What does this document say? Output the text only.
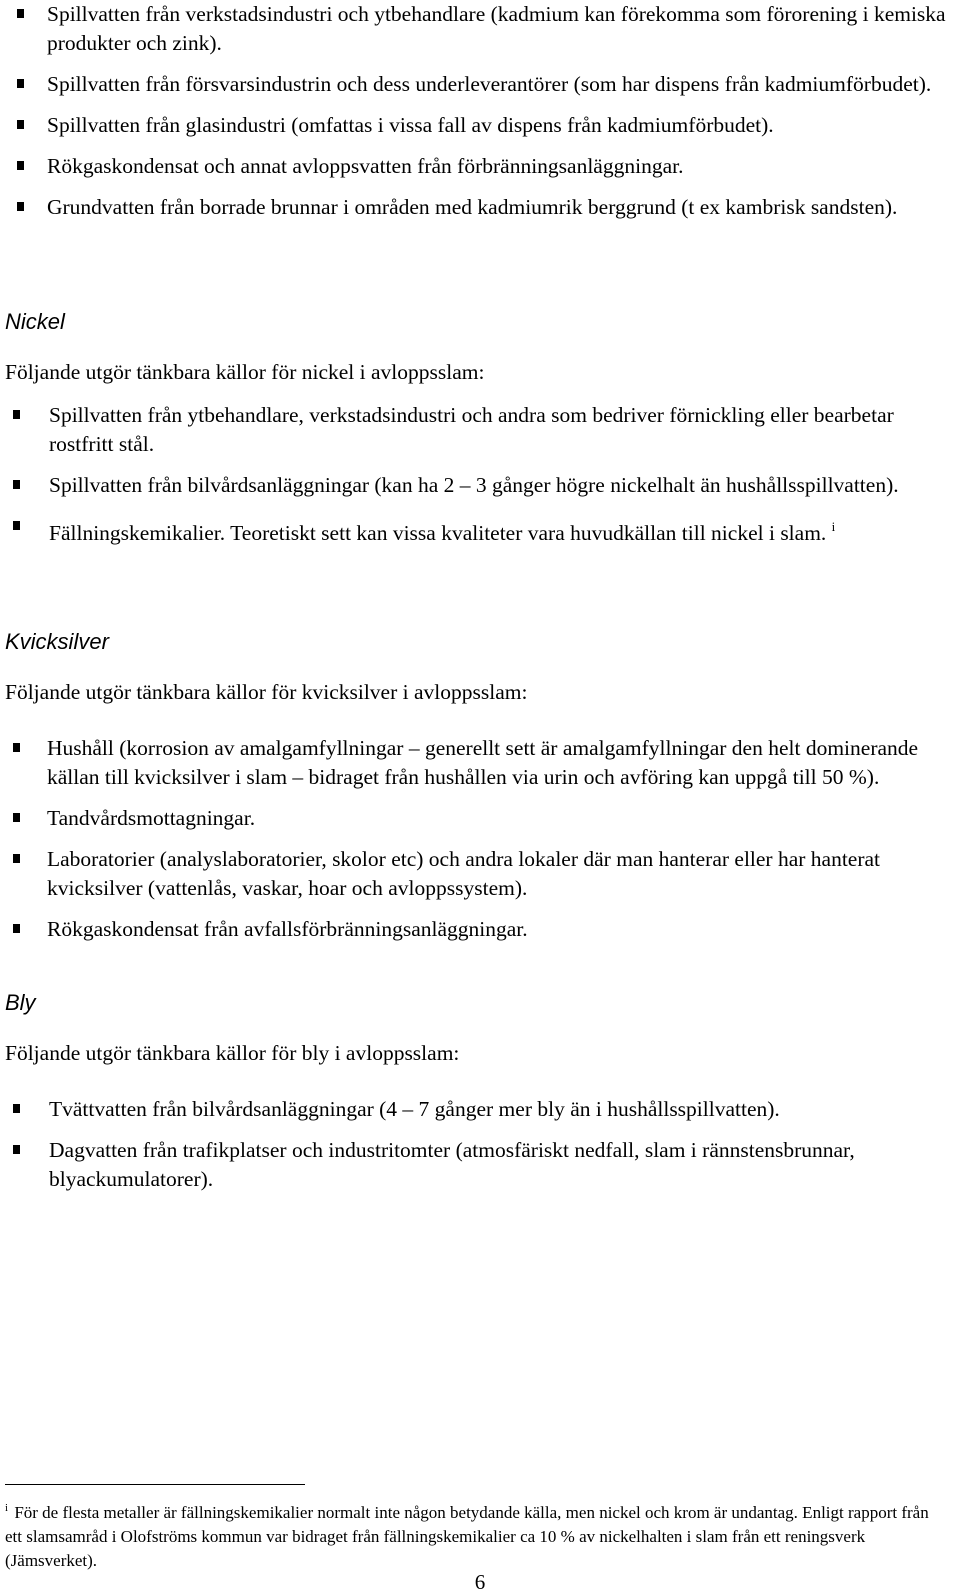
Spillvatten från verkstadsindustri och ytbehandlare (kadmium kan förekomma som förorening i kemiska produkter och zink).
Spillvatten från försvarsindustrin och dess underleverantörer (som har dispens från kadmiumförbudet).
Spillvatten från glasindustri (omfattas i vissa fall av dispens från kadmiumförbudet).
Rökgaskondensat och annat avloppsvatten från förbränningsanläggningar.
Grundvatten från borrade brunnar i områden med kadmiumrik berggrund (t ex kambrisk sandsten).
Nickel

Följande utgör tänkbara källor för nickel i avloppsslam:

Spillvatten från ytbehandlare, verkstadsindustri och andra som bedriver förnickling eller bearbetar rostfritt stål.
Spillvatten från bilvårdsanläggningar (kan ha 2 – 3 gånger högre nickelhalt än hushållsspillvatten).
Fällningskemikalier. Teoretiskt sett kan vissa kvaliteter vara huvudkällan till nickel i slam. $^i$
Kvicksilver

Följande utgör tänkbara källor för kvicksilver i avloppsslam:

Hushåll (korrosion av amalgamfyllningar – generellt sett är amalgamfyllningar den helt dominerande källan till kvicksilver i slam – bidraget från hushållen via urin och avföring kan uppgå till 50 %).
Tandvårdsmottagningar.
Laboratorier (analyslaboratorier, skolor etc) och andra lokaler där man hanterar eller har hanterat kvicksilver (vattenlås, vaskar, hoar och avloppssystem).
Rökgaskondensat från avfallsförbränningsanläggningar.
Bly

Följande utgör tänkbara källor för bly i avloppsslam:

Tvättvatten från bilvårdsanläggningar (4 – 7 gånger mer bly än i hushållsspillvatten).
Dagvatten från trafikplatser och industritomter (atmosfäriskt nedfall, slam i rännstensbrunnar, blyackumulatorer).

$^i$ För de flesta metaller är fällningskemikalier normalt inte någon betydande källa, men nickel och krom är undantag. Enligt rapport från ett slamsamråd i Olofströms kommun var bidraget från fällningskemikalier ca 10 % av nickelhalten i slam från ett reningsverk (Jämsverket).

6
